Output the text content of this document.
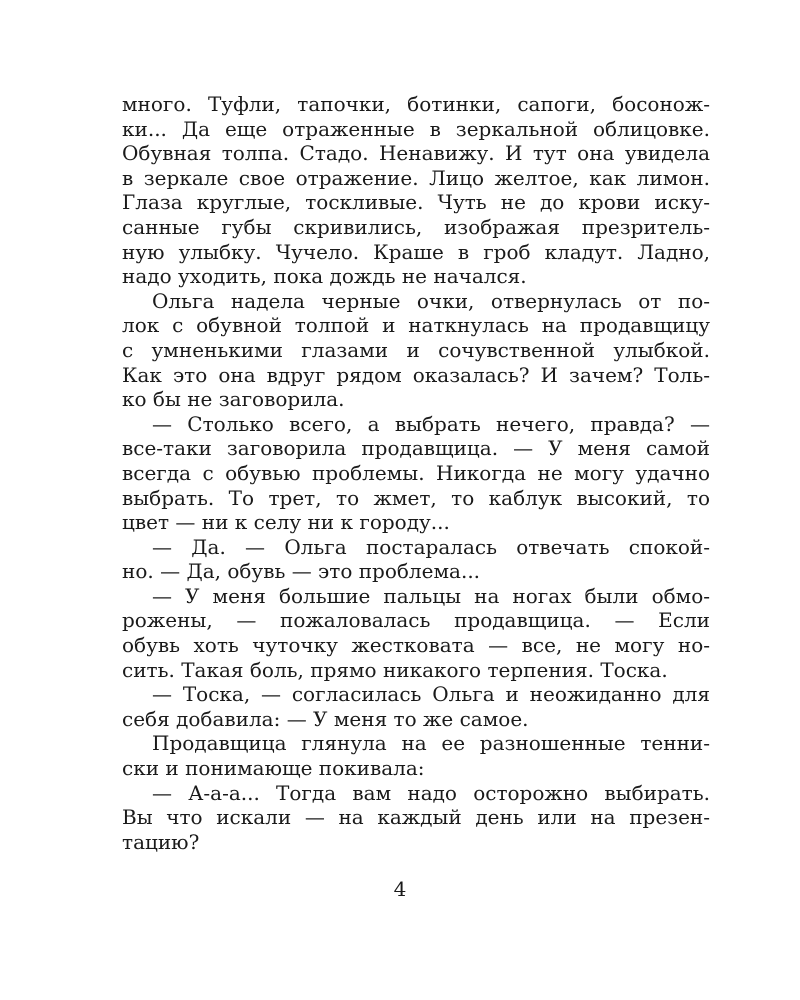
много. Туфли, тапочки, ботинки, сапоги, босонож-
ки... Да еще отраженные в зеркальной облицовке.
Обувная толпа. Стадо. Ненавижу. И тут она увидела
в зеркале свое отражение. Лицо желтое, как лимон.
Глаза круглые, тоскливые. Чуть не до крови иску-
санные губы скривились, изображая презритель-
ную улыбку. Чучело. Краше в гроб кладут. Ладно,
надо уходить, пока дождь не начался.
Ольга надела черные очки, отвернулась от по-
лок с обувной толпой и наткнулась на продавщицу
с умненькими глазами и сочувственной улыбкой.
Как это она вдруг рядом оказалась? И зачем? Толь-
ко бы не заговорила.
— Столько всего, а выбрать нечего, правда? —
все-таки заговорила продавщица. — У меня самой
всегда с обувью проблемы. Никогда не могу удачно
выбрать. То трет, то жмет, то каблук высокий, то
цвет — ни к селу ни к городу...
— Да. — Ольга постаралась отвечать спокой-
но. — Да, обувь — это проблема...
— У меня большие пальцы на ногах были обмо-
рожены, — пожаловалась продавщица. — Если
обувь хоть чуточку жестковата — все, не могу но-
сить. Такая боль, прямо никакого терпения. Тоска.
— Тоска, — согласилась Ольга и неожиданно для
себя добавила: — У меня то же самое.
Продавщица глянула на ее разношенные тенни-
ски и понимающе покивала:
— А-а-а... Тогда вам надо осторожно выбирать.
Вы что искали — на каждый день или на презен-
тацию?
4
